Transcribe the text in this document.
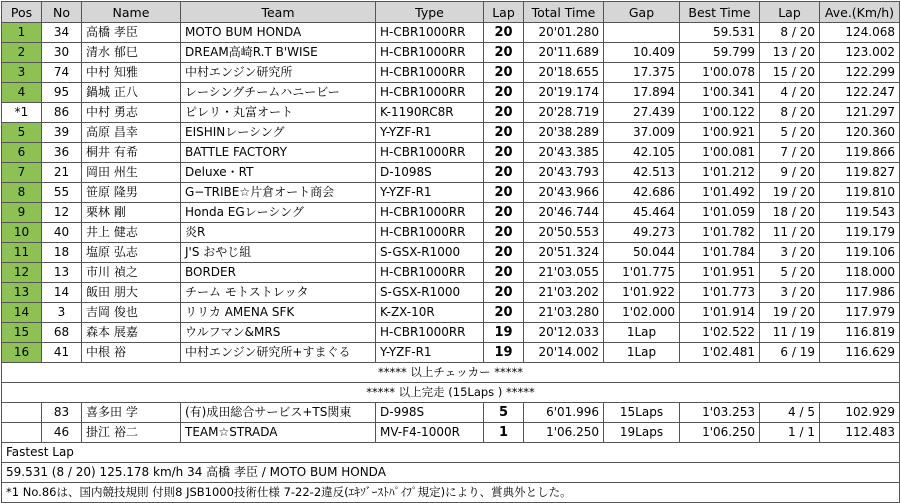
Pos	No	Name	Team	Type	Lap	Total Time	Gap	Best Time	Lap	Ave.(Km/h)
1	34	高橋 孝臣	MOTO BUM HONDA	H-CBR1000RR	20	20'01.280		59.531	8 / 20	124.068
2	30	清水 郁巳	DREAM高崎R.T B'WISE	H-CBR1000RR	20	20'11.689	10.409	59.799	13 / 20	123.002
3	74	中村 知雅	中村エンジン研究所	H-CBR1000RR	20	20'18.655	17.375	1'00.078	15 / 20	122.299
4	95	鍋城 正八	レーシングチームハニービー	H-CBR1000RR	20	20'19.174	17.894	1'00.341	4 / 20	122.247
*1	86	中村 勇志	ピレリ・丸富オート	K-1190RC8R	20	20'28.719	27.439	1'00.122	8 / 20	121.297
5	39	高原 昌幸	EISHINレーシング	Y-YZF-R1	20	20'38.289	37.009	1'00.921	5 / 20	120.360
6	36	桐井 有希	BATTLE FACTORY	H-CBR1000RR	20	20'43.385	42.105	1'00.081	7 / 20	119.866
7	21	岡田 州生	Deluxe・RT	D-1098S	20	20'43.793	42.513	1'01.212	9 / 20	119.827
8	55	笹原 隆男	G−TRIBE☆片倉オート商会	Y-YZF-R1	20	20'43.966	42.686	1'01.492	19 / 20	119.810
9	12	栗林 剛	Honda EGレーシング	H-CBR1000RR	20	20'46.744	45.464	1'01.059	18 / 20	119.543
10	40	井上 健志	炎R	H-CBR1000RR	20	20'50.553	49.273	1'01.782	11 / 20	119.179
11	18	塩原 弘志	J'S おやじ組	S-GSX-R1000	20	20'51.324	50.044	1'01.784	3 / 20	119.106
12	13	市川 禎之	BORDER	H-CBR1000RR	20	21'03.055	1'01.775	1'01.951	5 / 20	118.000
13	14	飯田 朋大	チーム モトストレッタ	S-GSX-R1000	20	21'03.202	1'01.922	1'01.773	3 / 20	117.986
14	3	吉岡 俊也	リリカ AMENA SFK	K-ZX-10R	20	21'03.280	1'02.000	1'01.914	19 / 20	117.979
15	68	森本 展嘉	ウルフマン&MRS	H-CBR1000RR	19	20'12.033	1Lap	1'02.522	11 / 19	116.819
16	41	中根 裕	中村エンジン研究所+すまぐる	Y-YZF-R1	19	20'14.002	1Lap	1'02.481	6 / 19	116.629
***** 以上チェッカー *****										
***** 以上完走 (15Laps ) *****										
	83	喜多田 学	(有)成田総合サービス+TS関東	D-998S	5	6'01.996	15Laps	1'03.253	4 / 5	102.929
	46	掛江 裕二	TEAM☆STRADA	MV-F4-1000R	1	1'06.250	19Laps	1'06.250	1 / 1	112.483
Fastest Lap										
59.531 (8 / 20) 125.178 km/h 34 高橋 孝臣 / MOTO BUM HONDA										
*1 No.86は、国内競技規則 付則8 JSB1000技術仕様 7-22-2違反(ｴｷｿﾞｰｽﾄﾊﾟｲﾌﾟ規定)により、賞典外とした。										
